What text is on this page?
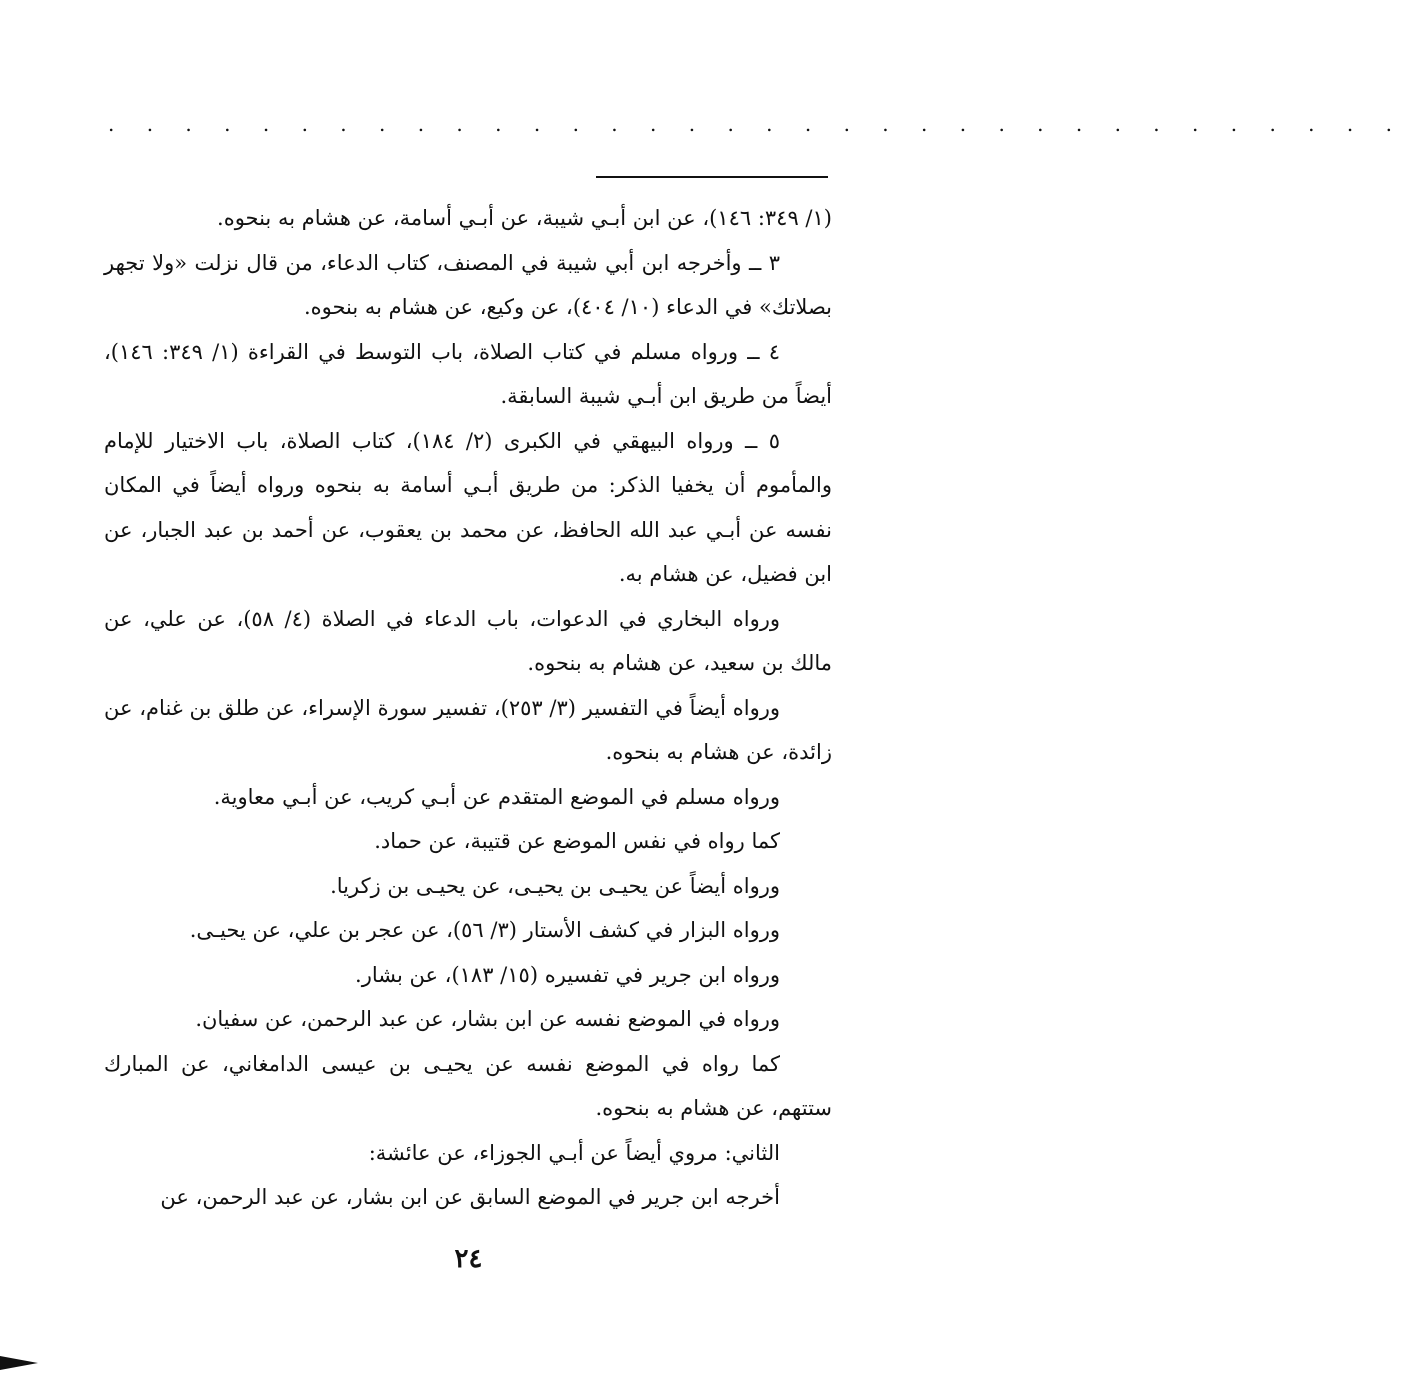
. . . . . . . . . . . . . . . . . . . . . . . . . . . . . . . . . .

(١/ ٣٤٩: ١٤٦)، عن ابن أبـي شيبة، عن أبـي أسامة، عن هشام به بنحوه.

٣ ــ وأخرجه ابن أبي شيبة في المصنف، كتاب الدعاء، من قال نزلت «ولا تجهر بصلاتك» في الدعاء (١٠/ ٤٠٤)، عن وكيع، عن هشام به بنحوه.

٤ ــ ورواه مسلم في كتاب الصلاة، باب التوسط في القراءة (١/ ٣٤٩: ١٤٦)، أيضاً من طريق ابن أبـي شيبة السابقة.

٥ ــ ورواه البيهقي في الكبرى (٢/ ١٨٤)، كتاب الصلاة، باب الاختيار للإمام والمأموم أن يخفيا الذكر: من طريق أبـي أسامة به بنحوه ورواه أيضاً في المكان نفسه عن أبـي عبد الله الحافظ، عن محمد بن يعقوب، عن أحمد بن عبد الجبار، عن ابن فضيل، عن هشام به.

ورواه البخاري في الدعوات، باب الدعاء في الصلاة (٤/ ٥٨)، عن علي، عن مالك بن سعيد، عن هشام به بنحوه.

ورواه أيضاً في التفسير (٣/ ٢٥٣)، تفسير سورة الإسراء، عن طلق بن غنام، عن زائدة، عن هشام به بنحوه.

ورواه مسلم في الموضع المتقدم عن أبـي كريب، عن أبـي معاوية.

كما رواه في نفس الموضع عن قتيبة، عن حماد.

ورواه أيضاً عن يحيـى بن يحيـى، عن يحيـى بن زكريا.

ورواه البزار في كشف الأستار (٣/ ٥٦)، عن عجر بن علي، عن يحيـى.

ورواه ابن جرير في تفسيره (١٥/ ١٨٣)، عن بشار.

ورواه في الموضع نفسه عن ابن بشار، عن عبد الرحمن، عن سفيان.

كما رواه في الموضع نفسه عن يحيـى بن عيسى الدامغاني، عن المبارك ستتهم، عن هشام به بنحوه.

الثاني: مروي أيضاً عن أبـي الجوزاء، عن عائشة:

أخرجه ابن جرير في الموضع السابق عن ابن بشار، عن عبد الرحمن، عن

٢٤
